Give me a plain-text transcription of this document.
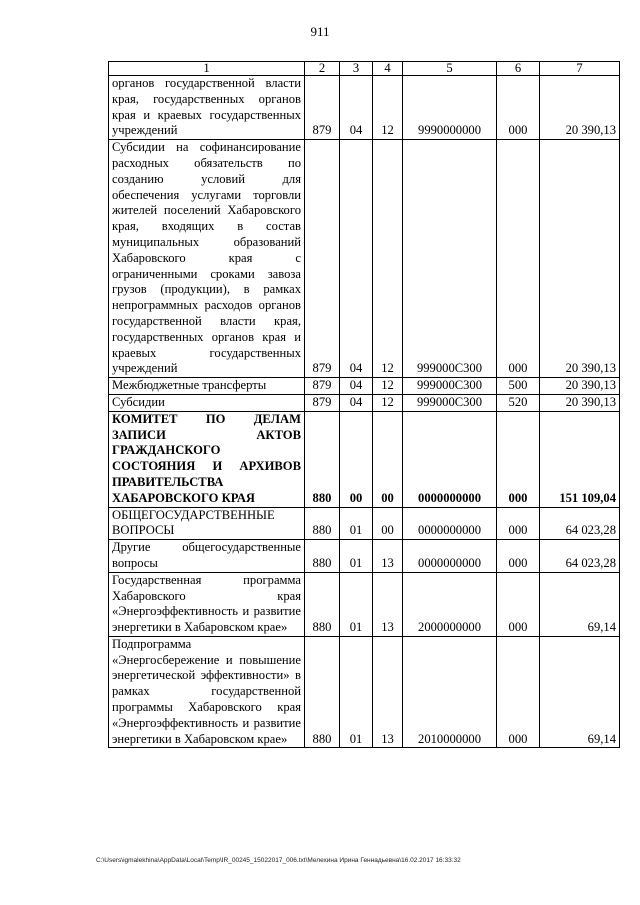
911
1	2	3	4	5	6	7
органов государственной власти края, государственных органов края и краевых государственных учреждений	879	04	12	9990000000	000	20 390,13
Субсидии на софинансирование расходных обязательств по созданию условий для обеспечения услугами торговли жителей поселений Хабаровского края, входящих в состав муниципальных образований Хабаровского края с ограниченными сроками завоза грузов (продукции), в рамках непрограммных расходов органов государственной власти края, государственных органов края и краевых государственных учреждений	879	04	12	999000С300	000	20 390,13
Межбюджетные трансферты	879	04	12	999000С300	500	20 390,13
Субсидии	879	04	12	999000С300	520	20 390,13
КОМИТЕТ ПО ДЕЛАМ ЗАПИСИ АКТОВ ГРАЖДАНСКОГО СОСТОЯНИЯ И АРХИВОВ ПРАВИТЕЛЬСТВА ХАБАРОВСКОГО КРАЯ	880	00	00	0000000000	000	151 109,04
ОБЩЕГОСУДАРСТВЕННЫЕ ВОПРОСЫ	880	01	00	0000000000	000	64 023,28
Другие общегосударственные вопросы	880	01	13	0000000000	000	64 023,28
Государственная программа Хабаровского края «Энергоэффективность и развитие энергетики в Хабаровском крае»	880	01	13	2000000000	000	69,14
Подпрограмма «Энергосбережение и повышение энергетической эффективности» в рамках государственной программы Хабаровского края «Энергоэффективность и развитие энергетики в Хабаровском крае»	880	01	13	2010000000	000	69,14
C:\Users\igmalekhina\AppData\Local\Temp\IR_00245_15022017_006.txt\Мелехина Ирина Геннадьевна\16.02.2017 16:33:32
